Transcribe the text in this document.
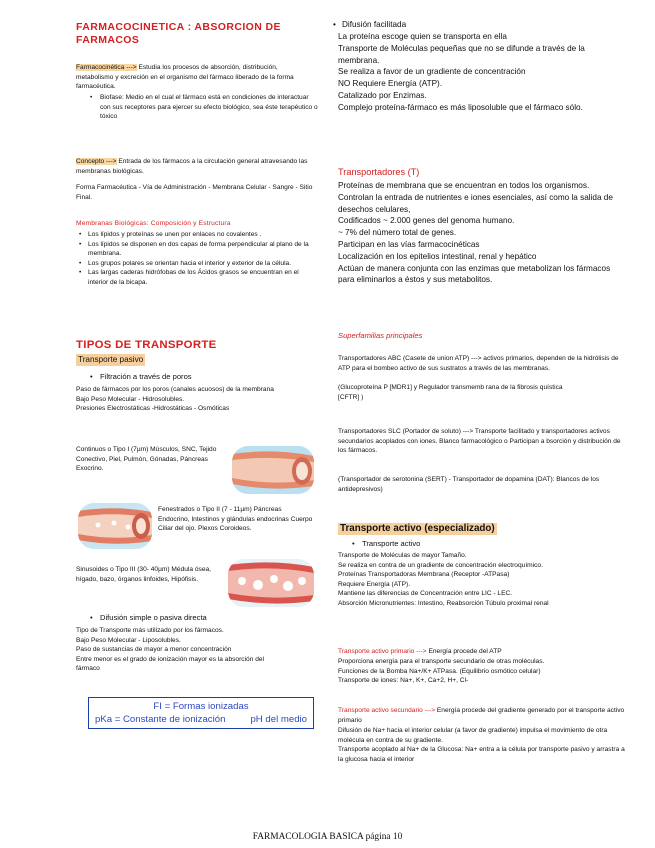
FARMACOCINETICA : ABSORCION DE FARMACOS
Farmacocinética ---> Estudia los procesos de absorción, distribución, metabolismo y excreción en el organismo del fármaco liberado de la forma farmacéutica.
• Biofase: Medio en el cual el fármaco está en condiciones de interactuar con sus receptores para ejercer su efecto biológico, sea éste terapéutico o tóxico
Concepto ---> Entrada de los fármacos a la circulación general atravesando las membranas biológicas.
Forma Farmacéutica - Vía de Administración - Membrana Celular - Sangre - Sitio Final.
Membranas Biológicas: Composición y Estructura
• Los lípidos y proteínas se unen por enlaces no covalentes .
• Los lípidos se disponen en dos capas de forma perpendicular al plano de la membrana.
• Los grupos polares se orientan hacia el interior y exterior de la célula.
• Las largas caderas hidrófobas de los Ácidos grasos se encuentran en el interior de la bicapa.
TIPOS DE TRANSPORTE
Transporte pasivo
• Filtración a través de poros
Paso de fármacos por los poros (canales acuosos) de la membrana
Bajo Peso Molecular - Hidrosolubles.
Presiones Electrostáticas -Hidrostáticas - Osmóticas
Continuos o Tipo I (7µm) Músculos, SNC, Tejido Conectivo, Piel, Pulmón, Gónadas, Páncreas Exocrino.
Fenestrados o Tipo II (7 - 11µm) Páncreas Endocrino, Intestinos y glándulas endocrinas Cuerpo Ciliar del ojo. Plexos Coroideos.
Sinusoides o Tipo III (30- 40µm) Médula ósea, hígado, bazo, órganos linfoides, Hipófisis.
• Difusión simple o pasiva directa
Tipo de Transporte más utilizado por los fármacos.
Bajo Peso Molecular - Liposolubles.
Paso de sustancias de mayor a menor concentración
Entre menor es el grado de ionización mayor es la absorción del fármaco
FI = Formas ionizadas
pKa = Constante de ionización	pH del medio
• Difusión facilitada
La proteína escoge quien se transporta en ella
Transporte de Moléculas pequeñas que no se difunde a través de la membrana.
Se realiza a favor de un gradiente de concentración
NO Requiere Energía (ATP).
Catalizado por Enzimas.
Complejo proteína-fármaco es más liposoluble que el fármaco sólo.
Transportadores (T)
Proteínas de membrana que se encuentran en todos los organismos.
Controlan la entrada de nutrientes e iones esenciales, así como la salida de desechos celulares,
Codificados ~ 2.000 genes del genoma humano.
~ 7% del número total de genes.
Participan en las vías farmacocinéticas
Localización en los epitelios intestinal, renal y hepático
Actúan de manera conjunta con las enzimas que metabolizan los fármacos para eliminarlos a éstos y sus metabolitos.
Superfamilias principales
Transportadores ABC (Casete de union ATP) ---> activos primarios, dependen de la hidrólisis de ATP para el bombeo activo de sus sustratos a través de las membranas.
(Glucoproteína P [MDR1] y Regulador transmemb rana de la fibrosis quística [CFTR] )
Transportadores SLC (Portador de soluto) ---> Transporte facilitado y transportadores activos secundarios acoplados con iones. Blanco farmacológico o Participan a bsorción y distribución de los fármacos.
(Transportador de serotonina (SERT) - Transportador de dopamina (DAT): Blancos de los antidepresivos)
Transporte activo (especializado)
• Transporte activo
Transporte de Moléculas de mayor Tamaño.
Se realiza en contra de un gradiente de concentración electroquímico.
Proteínas Transportadoras Membrana (Receptor -ATPasa)
Requiere Energía (ATP).
Mantiene las diferencias de Concentración entre LIC - LEC.
Absorción Micronutrientes: Intestino, Reabsorción Túbulo proximal renal
Transporte activo primario ---> Energía procede del ATP
Proporciona energía para el transporte secundario de otras moléculas.
Funciones de la Bomba Na+/K+ ATPasa. (Equilibrio osmótico celular)
Transporte de iones: Na+, K+, Ca+2, H+, Cl-
Transporte activo secundario ---> Energía procede del gradiente generado por el transporte activo primario
Difusión de Na+ hacia el interior celular (a favor de gradiente) impulsa el movimiento de otra molécula en contra de su gradiente.
Transporte acoplado al Na+ de la Glucosa: Na+ entra a la célula por transporte pasivo y arrastra a la glucosa hacia el interior
FARMACOLOGIA BASICA página 10
